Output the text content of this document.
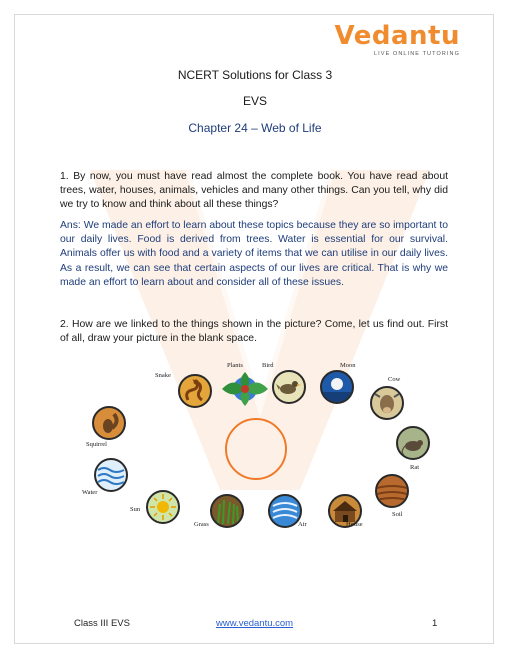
Vedantu
LIVE ONLINE TUTORING
NCERT Solutions for Class 3
EVS
Chapter 24 – Web of Life
1. By now, you must have read almost the complete book. You have read about trees, water, houses, animals, vehicles and many other things. Can you tell, why did we try to know and think about all these things?
Ans: We made an effort to learn about these topics because they are so important to our daily lives. Food is derived from trees. Water is essential for our survival. Animals offer us with food and a variety of items that we can utilise in our daily lives. As a result, we can see that certain aspects of our lives are critical. That is why we made an effort to learn about and consider all of these issues.
2. How are we linked to the things shown in the picture? Come, let us find out. First of all, draw your picture in the blank space.
Plants	Bird	Moon
Snake
Cow
Squirrel
Rat
Water
Soil
Sun
Grass	Air	House
Class III EVS	www.vedantu.com	1
